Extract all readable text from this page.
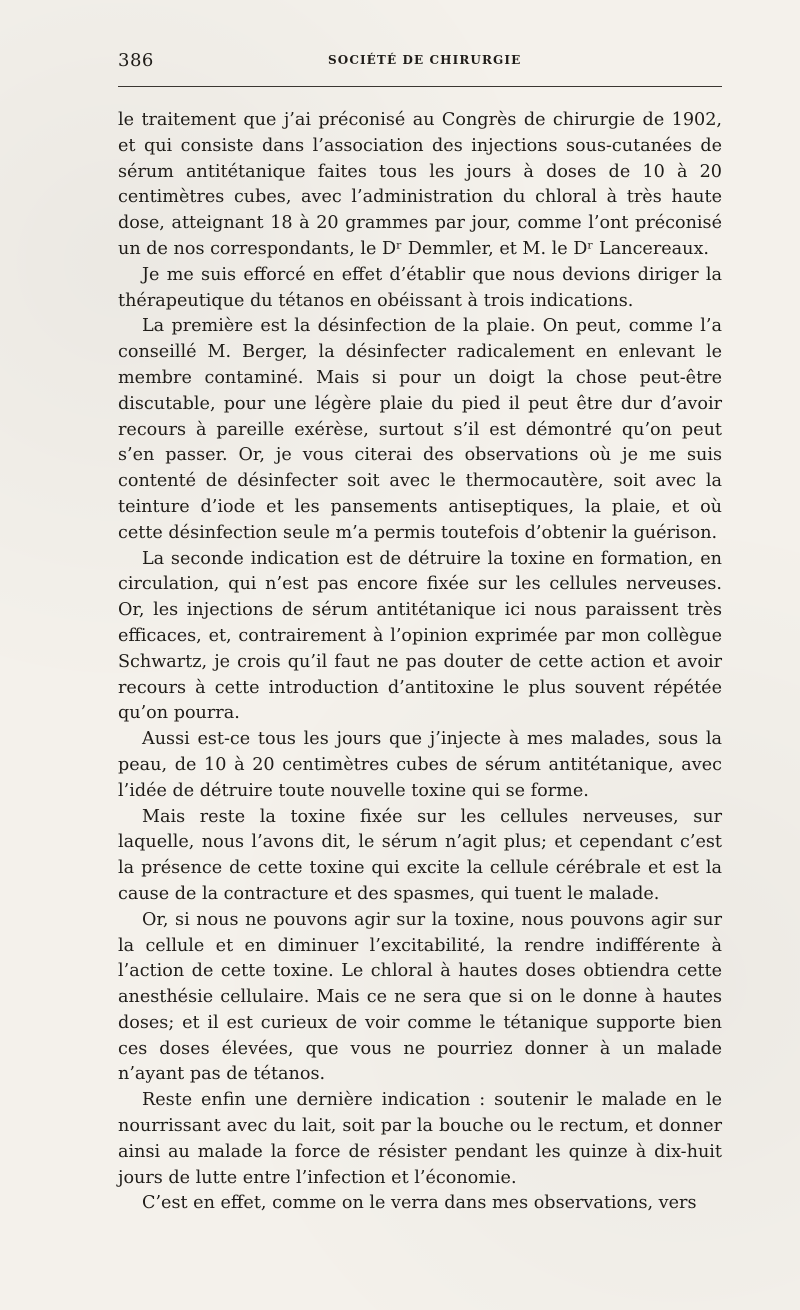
386	SOCIÉTÉ DE CHIRURGIE

le traitement que j’ai préconisé au Congrès de chirurgie de 1902, et qui consiste dans l’association des injections sous-cutanées de sérum antitétanique faites tous les jours à doses de 10 à 20 centimètres cubes, avec l’administration du chloral à très haute dose, atteignant 18 à 20 grammes par jour, comme l’ont préconisé un de nos correspondants, le Dʳ Demmler, et M. le Dʳ Lancereaux.

Je me suis efforcé en effet d’établir que nous devions diriger la thérapeutique du tétanos en obéissant à trois indications.

La première est la désinfection de la plaie. On peut, comme l’a conseillé M. Berger, la désinfecter radicalement en enlevant le membre contaminé. Mais si pour un doigt la chose peut-être discutable, pour une légère plaie du pied il peut être dur d’avoir recours à pareille exérèse, surtout s’il est démontré qu’on peut s’en passer. Or, je vous citerai des observations où je me suis contenté de désinfecter soit avec le thermocautère, soit avec la teinture d’iode et les pansements antiseptiques, la plaie, et où cette désinfection seule m’a permis toutefois d’obtenir la guérison.

La seconde indication est de détruire la toxine en formation, en circulation, qui n’est pas encore fixée sur les cellules nerveuses. Or, les injections de sérum antitétanique ici nous paraissent très efficaces, et, contrairement à l’opinion exprimée par mon collègue Schwartz, je crois qu’il faut ne pas douter de cette action et avoir recours à cette introduction d’antitoxine le plus souvent répétée qu’on pourra.

Aussi est-ce tous les jours que j’injecte à mes malades, sous la peau, de 10 à 20 centimètres cubes de sérum antitétanique, avec l’idée de détruire toute nouvelle toxine qui se forme.

Mais reste la toxine fixée sur les cellules nerveuses, sur laquelle, nous l’avons dit, le sérum n’agit plus; et cependant c’est la présence de cette toxine qui excite la cellule cérébrale et est la cause de la contracture et des spasmes, qui tuent le malade.

Or, si nous ne pouvons agir sur la toxine, nous pouvons agir sur la cellule et en diminuer l’excitabilité, la rendre indifférente à l’action de cette toxine. Le chloral à hautes doses obtiendra cette anesthésie cellulaire. Mais ce ne sera que si on le donne à hautes doses; et il est curieux de voir comme le tétanique supporte bien ces doses élevées, que vous ne pourriez donner à un malade n’ayant pas de tétanos.

Reste enfin une dernière indication : soutenir le malade en le nourrissant avec du lait, soit par la bouche ou le rectum, et donner ainsi au malade la force de résister pendant les quinze à dix-huit jours de lutte entre l’infection et l’économie.

C’est en effet, comme on le verra dans mes observations, vers
